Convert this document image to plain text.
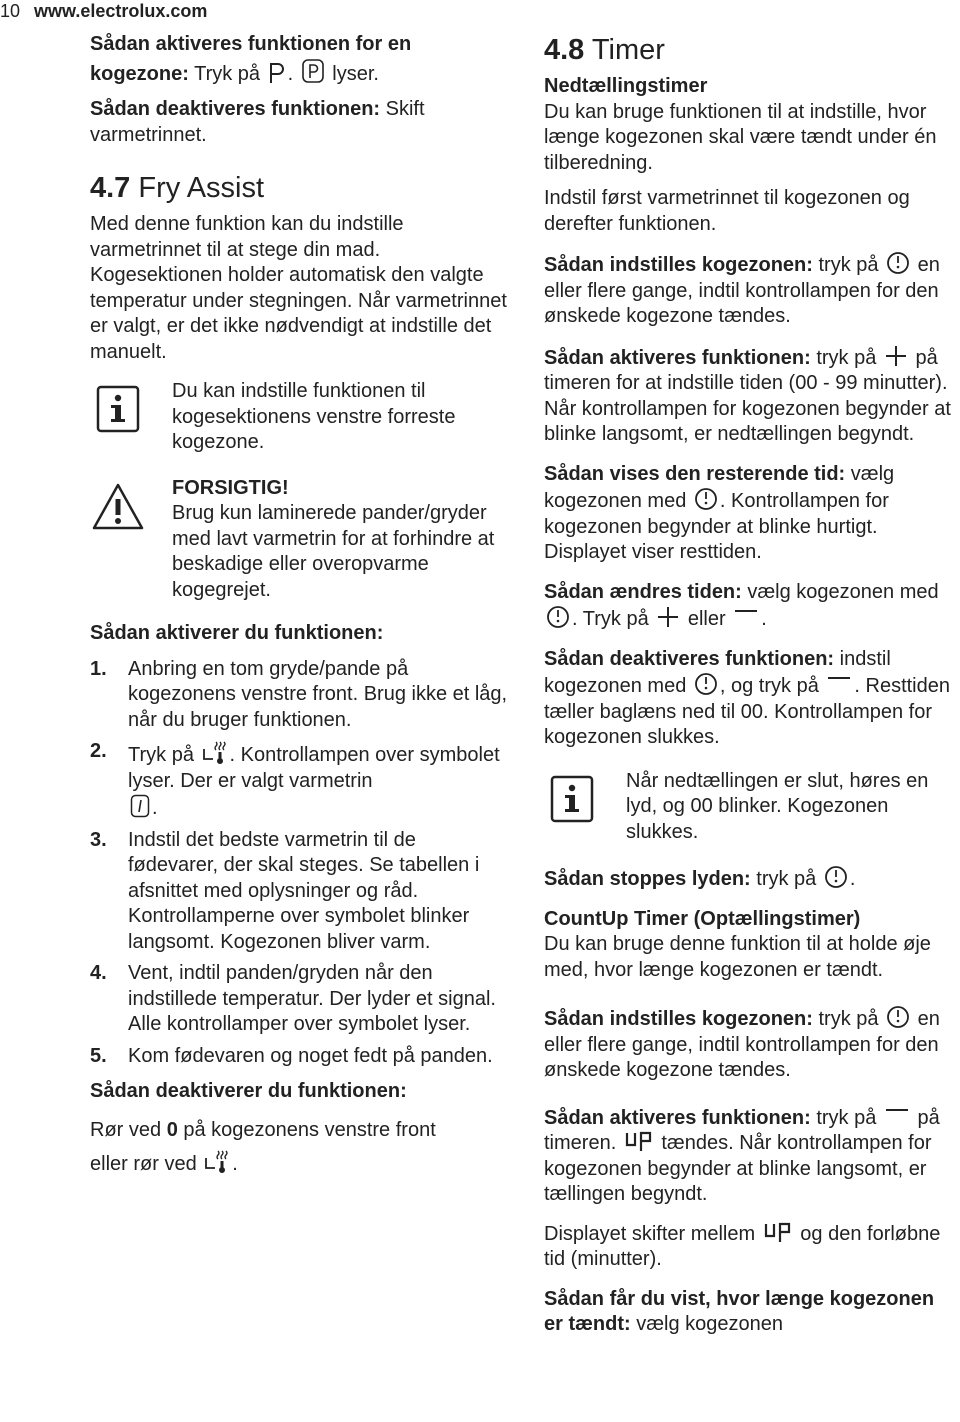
10 www.electrolux.com

Sådan aktiveres funktionen for en kogezone: Tryk på .  lyser.

Sådan deaktiveres funktionen: Skift varmetrinnet.

4.7 Fry Assist

Med denne funktion kan du indstille varmetrinnet til at stege din mad. Kogesektionen holder automatisk den valgte temperatur under stegningen. Når varmetrinnet er valgt, er det ikke nødvendigt at indstille det manuelt.

Du kan indstille funktionen til kogesektionens venstre forreste kogezone.

FORSIGTIG!

Brug kun laminerede pander/gryder med lavt varmetrin for at forhindre at beskadige eller overopvarme kogegrejet.

Sådan aktiverer du funktionen:

1.	Anbring en tom gryde/pande på kogezonens venstre front. Brug ikke et låg, når du bruger funktionen.
2.	Tryk på . Kontrollampen over symbolet lyser. Der er valgt varmetrin
.
3.	Indstil det bedste varmetrin til de fødevarer, der skal steges. Se tabellen i afsnittet med oplysninger og råd. Kontrollamperne over symbolet blinker langsomt. Kogezonen bliver varm.
4.	Vent, indtil panden/gryden når den indstillede temperatur. Der lyder et signal. Alle kontrollamper over symbolet lyser.
5.	Kom fødevaren og noget fedt på panden.

Sådan deaktiverer du funktionen:

Rør ved 0 på kogezonens venstre front
eller rør ved .

4.8 Timer

Nedtællingstimer

Du kan bruge funktionen til at indstille, hvor længe kogezonen skal være tændt under én tilberedning.

Indstil først varmetrinnet til kogezonen og derefter funktionen.

Sådan indstilles kogezonen: tryk på en eller flere gange, indtil kontrollampen for den ønskede kogezone tændes.

Sådan aktiveres funktionen: tryk på på timeren for at indstille tiden (00 - 99 minutter). Når kontrollampen for kogezonen begynder at blinke langsomt, er nedtællingen begyndt.

Sådan vises den resterende tid: vælg kogezonen med . Kontrollampen for kogezonen begynder at blinke hurtigt. Displayet viser resttiden.

Sådan ændres tiden: vælg kogezonen med . Tryk på eller .

Sådan deaktiveres funktionen: indstil kogezonen med , og tryk på . Resttiden tæller baglæns ned til 00. Kontrollampen for kogezonen slukkes.

Når nedtællingen er slut, høres en lyd, og 00 blinker. Kogezonen slukkes.

Sådan stoppes lyden: tryk på .

CountUp Timer (Optællingstimer)

Du kan bruge denne funktion til at holde øje med, hvor længe kogezonen er tændt.

Sådan indstilles kogezonen: tryk på en eller flere gange, indtil kontrollampen for den ønskede kogezone tændes.

Sådan aktiveres funktionen: tryk på på timeren. tændes. Når kontrollampen for kogezonen begynder at blinke langsomt, er tællingen begyndt.

Displayet skifter mellem og den forløbne tid (minutter).

Sådan får du vist, hvor længe kogezonen er tændt: vælg kogezonen
